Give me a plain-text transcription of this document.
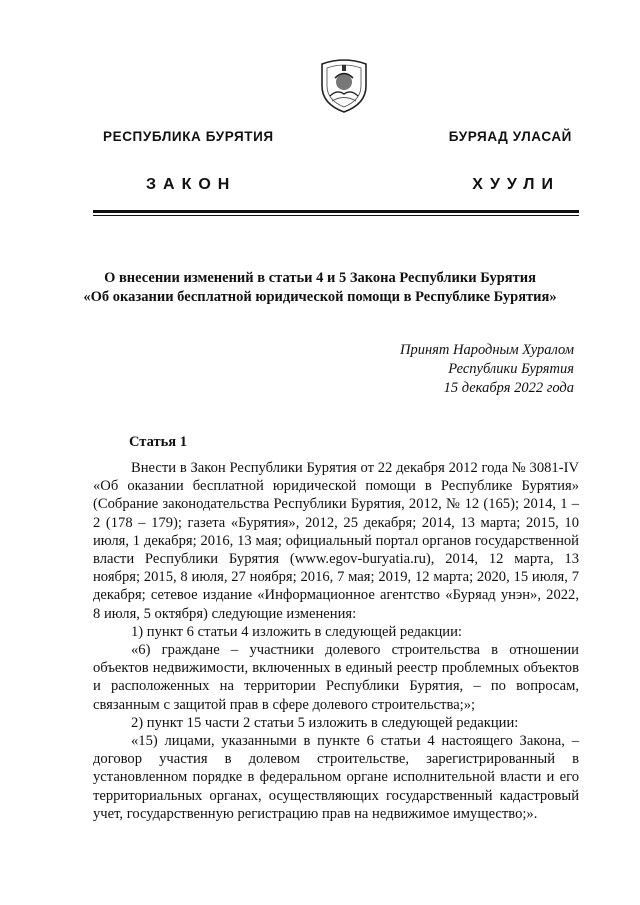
РЕСПУБЛИКА БУРЯТИЯ	БУРЯАД УЛАСАЙ
ЗАКОН	ХУУЛИ
О внесении изменений в статьи 4 и 5 Закона Республики Бурятия
«Об оказании бесплатной юридической помощи в Республике Бурятия»
Принят Народным Хуралом
Республики Бурятия
15 декабря 2022 года
Статья 1

Внести в Закон Республики Бурятия от 22 декабря 2012 года № 3081-IV «Об оказании бесплатной юридической помощи в Республике Бурятия» (Собрание законодательства Республики Бурятия, 2012, № 12 (165); 2014, 1 – 2 (178 – 179); газета «Бурятия», 2012, 25 декабря; 2014, 13 марта; 2015, 10 июля, 1 декабря; 2016, 13 мая; официальный портал органов государственной власти Республики Бурятия (www.egov-buryatia.ru), 2014, 12 марта, 13 ноября; 2015, 8 июля, 27 ноября; 2016, 7 мая; 2019, 12 марта; 2020, 15 июля, 7 декабря; сетевое издание «Информационное агентство «Буряад унэн», 2022, 8 июля, 5 октября) следующие изменения:

1) пункт 6 статьи 4 изложить в следующей редакции:

«6) граждане – участники долевого строительства в отношении объектов недвижимости, включенных в единый реестр проблемных объектов и расположенных на территории Республики Бурятия, – по вопросам, связанным с защитой прав в сфере долевого строительства;»;

2) пункт 15 части 2 статьи 5 изложить в следующей редакции:

«15) лицами, указанными в пункте 6 статьи 4 настоящего Закона, – договор участия в долевом строительстве, зарегистрированный в установленном порядке в федеральном органе исполнительной власти и его территориальных органах, осуществляющих государственный кадастровый учет, государственную регистрацию прав на недвижимое имущество;».
